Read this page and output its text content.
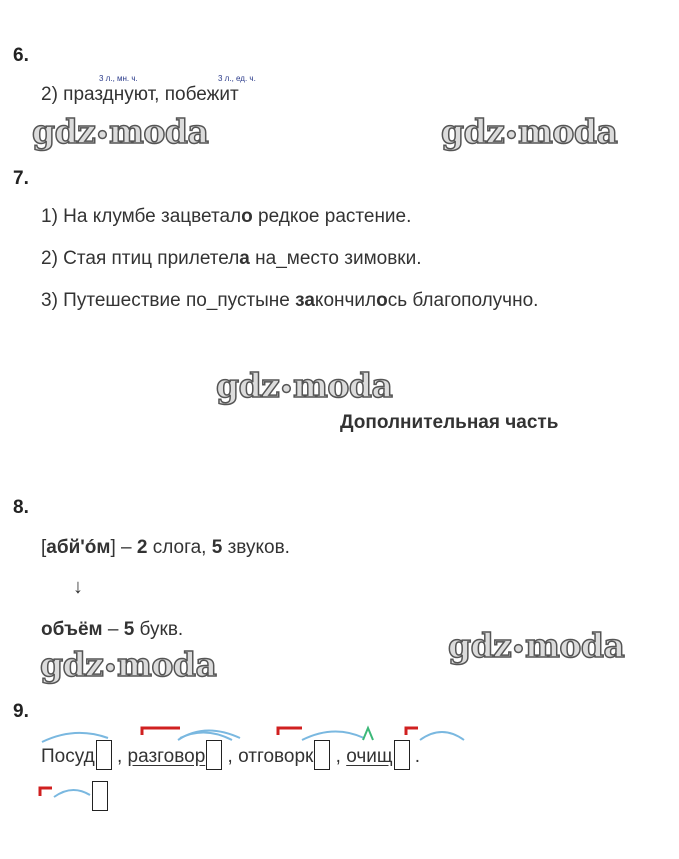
6.
3 л., мн. ч.	3 л., ед. ч.
2) празднуют, побежит
gdz•moda	gdz•moda
7.
1) На клумбе зацветало редкое растение.
2) Стая птиц прилетела на_место зимовки.
3) Путешествие по_пустыне закончилось благополучно.
gdz•moda
Дополнительная часть
8.
[абй'óм] – 2 слога, 5 звуков.
↓
объём – 5 букв.	gdz•moda
gdz•moda
9.
Посуд , разговор , отговорк , очищ .
